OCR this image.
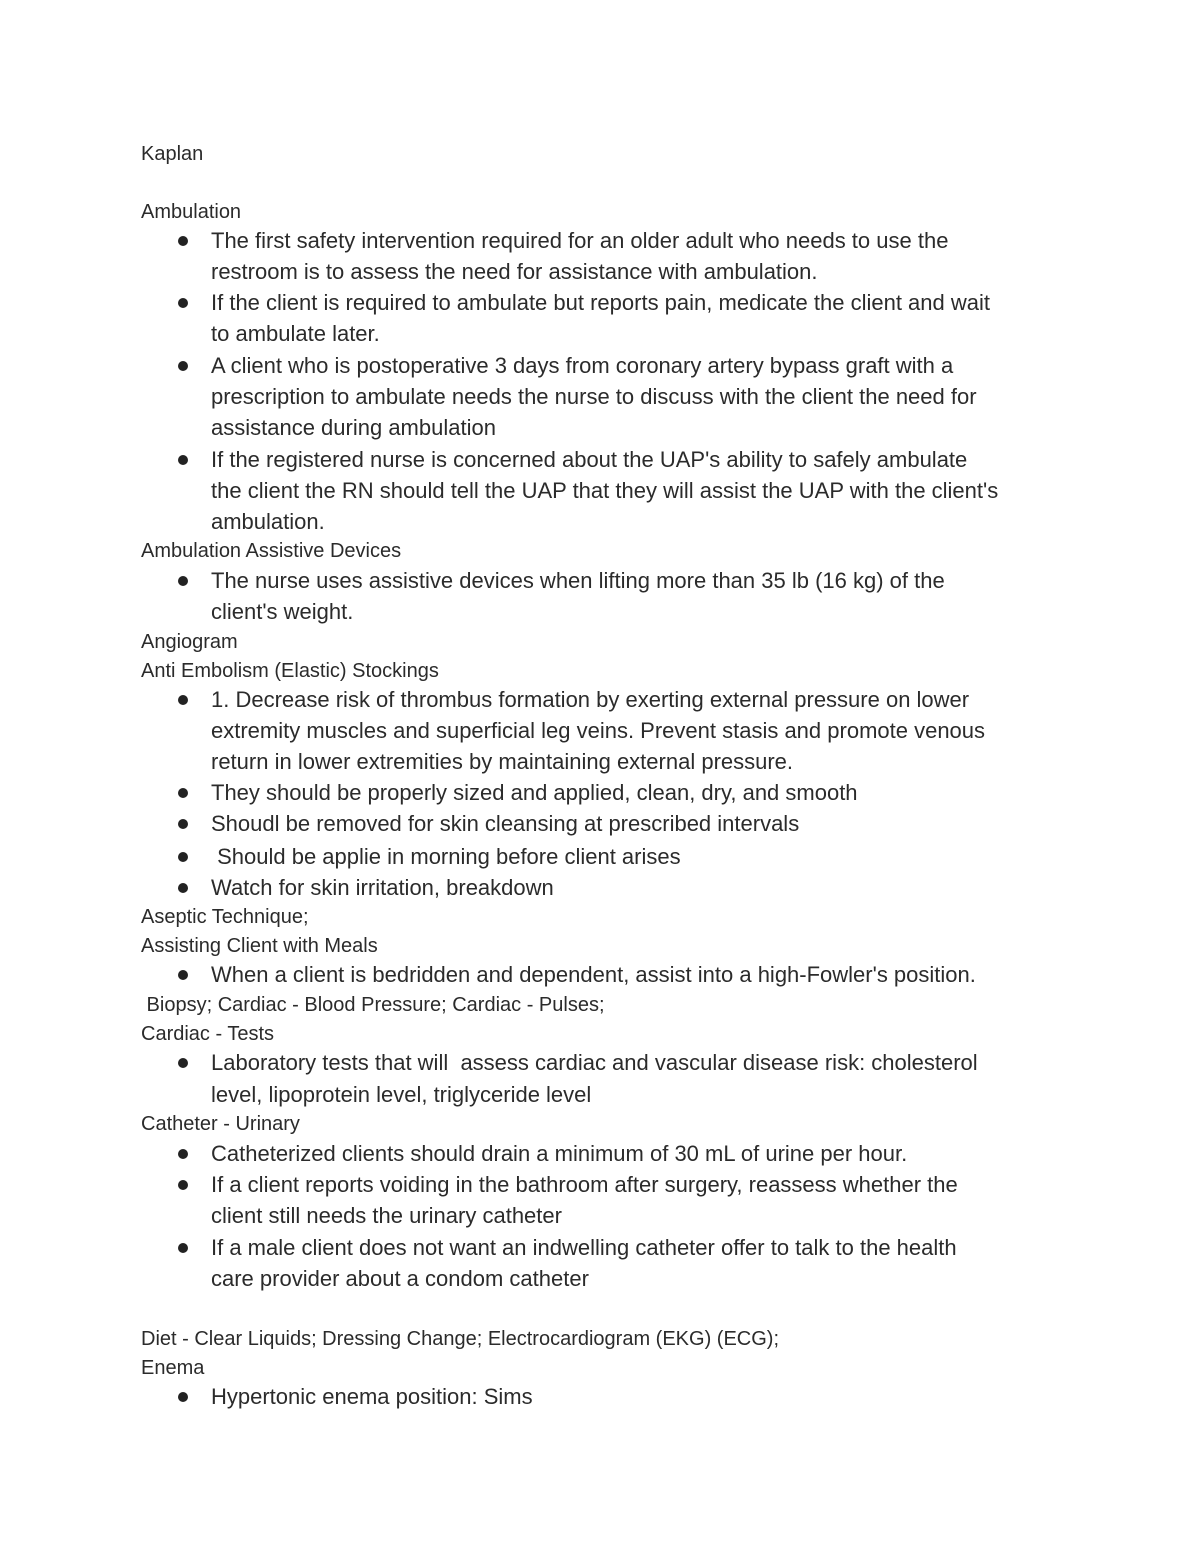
Kaplan

Ambulation

The first safety intervention required for an older adult who needs to use the

restroom is to assess the need for assistance with ambulation.

If the client is required to ambulate but reports pain, medicate the client and wait

to ambulate later.

A client who is postoperative 3 days from coronary artery bypass graft with a

prescription to ambulate needs the nurse to discuss with the client the need for

assistance during ambulation

If the registered nurse is concerned about the UAP's ability to safely ambulate

the client the RN should tell the UAP that they will assist the UAP with the client's

ambulation.

Ambulation Assistive Devices

The nurse uses assistive devices when lifting more than 35 lb (16 kg) of the

client's weight.

Angiogram

Anti Embolism (Elastic) Stockings

1. Decrease risk of thrombus formation by exerting external pressure on lower

extremity muscles and superficial leg veins. Prevent stasis and promote venous

return in lower extremities by maintaining external pressure.

They should be properly sized and applied, clean, dry, and smooth

Shoudl be removed for skin cleansing at prescribed intervals

Should be applie in morning before client arises

Watch for skin irritation, breakdown

Aseptic Technique;

Assisting Client with Meals

When a client is bedridden and dependent, assist into a high-Fowler's position.

Biopsy; Cardiac - Blood Pressure; Cardiac - Pulses;

Cardiac - Tests

Laboratory tests that will  assess cardiac and vascular disease risk: cholesterol

level, lipoprotein level, triglyceride level

Catheter - Urinary

Catheterized clients should drain a minimum of 30 mL of urine per hour.

If a client reports voiding in the bathroom after surgery, reassess whether the

client still needs the urinary catheter

If a male client does not want an indwelling catheter offer to talk to the health

care provider about a condom catheter

Diet - Clear Liquids; Dressing Change; Electrocardiogram (EKG) (ECG);

Enema

Hypertonic enema position: Sims
